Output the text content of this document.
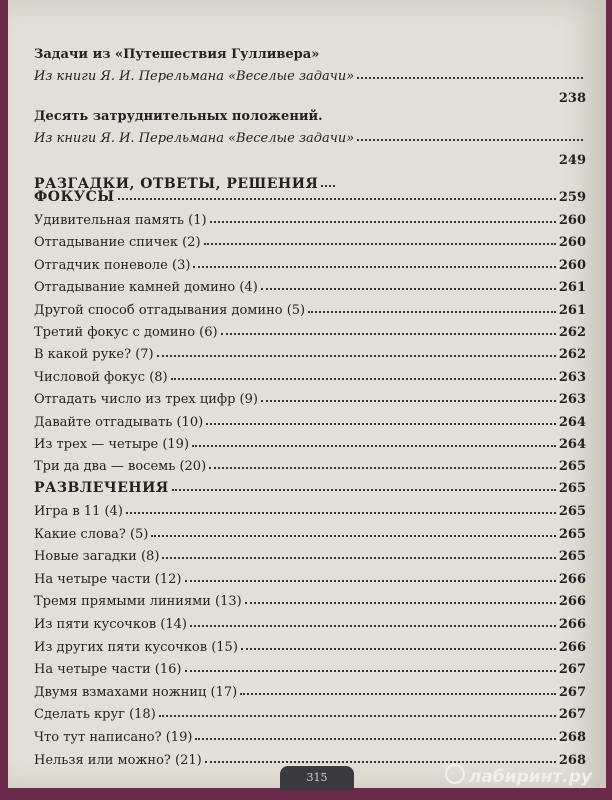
Задачи из «Путешествия Гулливера»
Из книги Я. И. Перельмана «Веселые задачи»
238
Десять затруднительных положений.
Из книги Я. И. Перельмана «Веселые задачи»
249
РАЗГАДКИ, ОТВЕТЫ, РЕШЕНИЯ
ФОКУСЫ	259
Удивительная память (1)	260
Отгадывание спичек (2)	260
Отгадчик поневоле (3)	260
Отгадывание камней домино (4)	261
Другой способ отгадывания домино (5)	261
Третий фокус с домино (6)	262
В какой руке? (7)	262
Числовой фокус (8)	263
Отгадать число из трех цифр (9)	263
Давайте отгадывать (10)	264
Из трех — четыре (19)	264
Три да два — восемь (20)	265
РАЗВЛЕЧЕНИЯ	265
Игра в 11 (4)	265
Какие слова? (5)	265
Новые загадки (8)	265
На четыре части (12)	266
Тремя прямыми линиями (13)	266
Из пяти кусочков (14)	266
Из других пяти кусочков (15)	266
На четыре части (16)	267
Двумя взмахами ножниц (17)	267
Сделать круг (18)	267
Что тут написано? (19)	268
Нельзя или можно? (21)	268
315	лабиринт.ру
